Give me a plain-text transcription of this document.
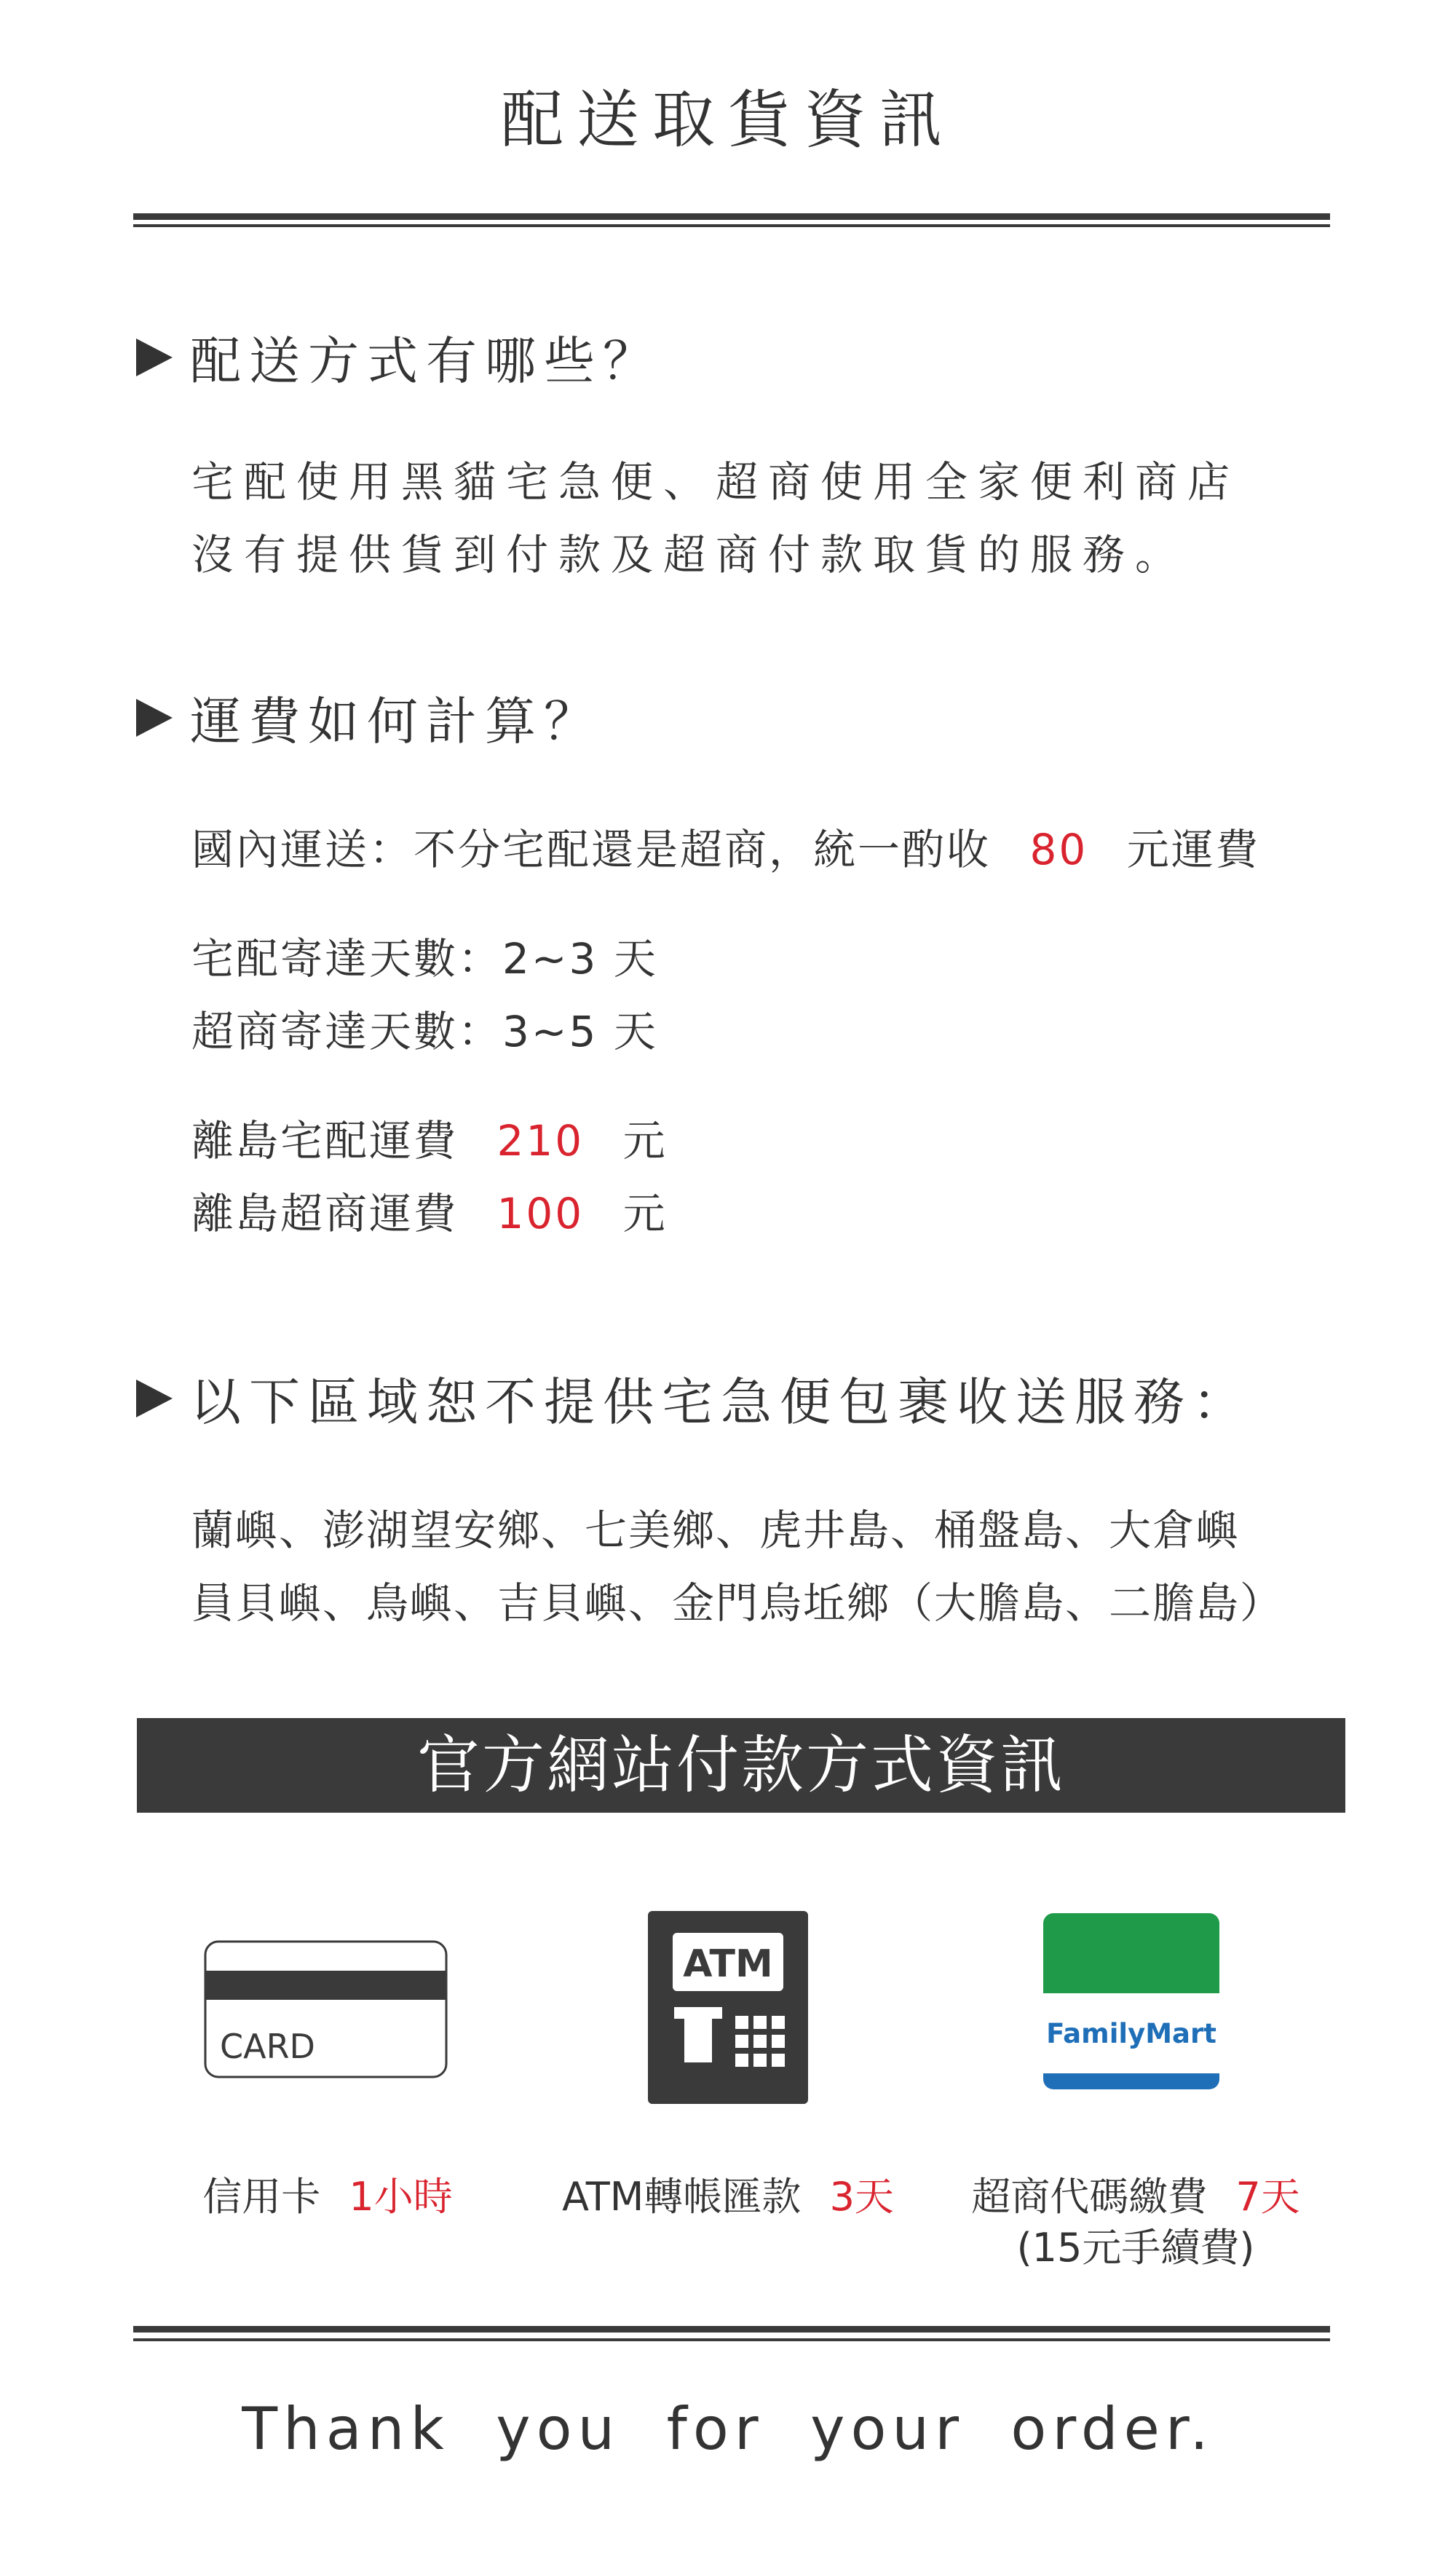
配送取貨資訊
配送方式有哪些？
宅配使用黑貓宅急便、超商使用全家便利商店
沒有提供貨到付款及超商付款取貨的服務。
運費如何計算？
國內運送：不分宅配還是超商，統一酌收 80 元運費
宅配寄達天數：2~3 天
超商寄達天數：3~5 天
離島宅配運費 210 元
離島超商運費 100 元
以下區域恕不提供宅急便包裹收送服務：
蘭嶼、澎湖望安鄉、七美鄉、虎井島、桶盤島、大倉嶼
員貝嶼、鳥嶼、吉貝嶼、金門烏坵鄉（大膽島、二膽島）
官方網站付款方式資訊
CARD
ATM
FamilyMart
信用卡 1小時	ATM轉帳匯款 3天	超商代碼繳費 7天
(15元手續費)
Thank you for your order.
